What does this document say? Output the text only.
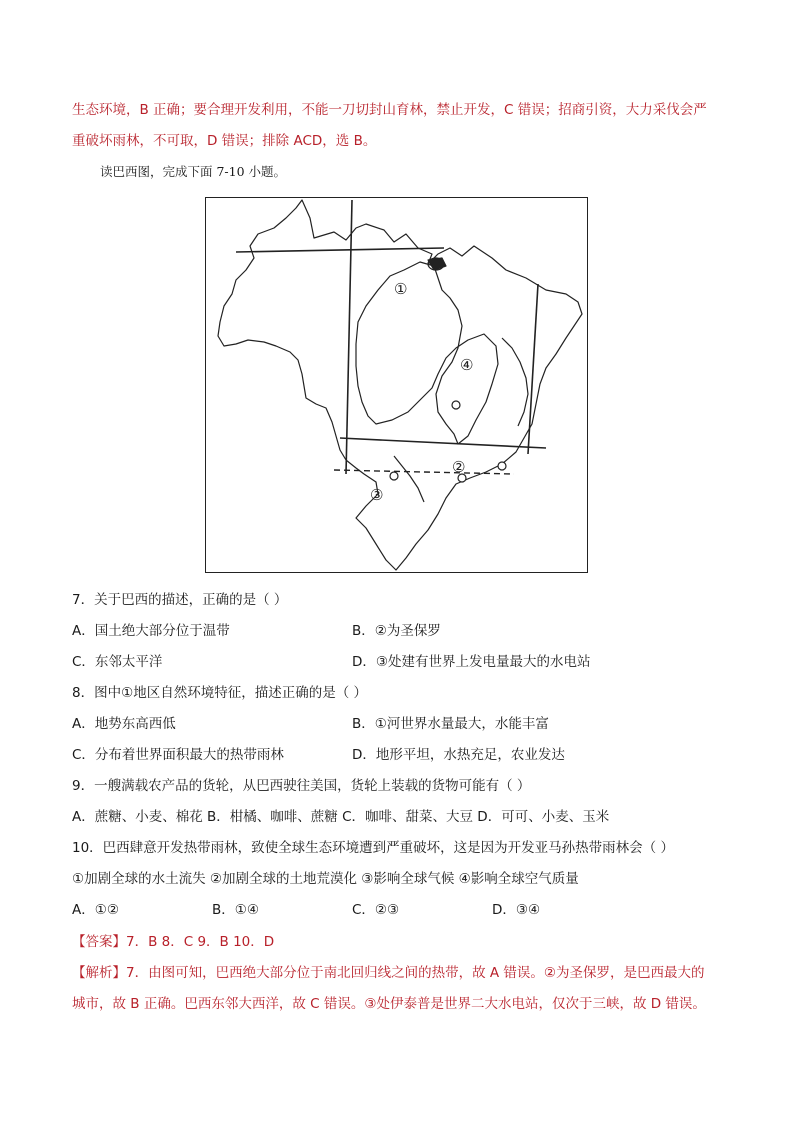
生态环境，B 正确；要合理开发利用，不能一刀切封山育林，禁止开发，C 错误；招商引资，大力采伐会严
重破坏雨林，不可取，D 错误；排除 ACD，选 B。
读巴西图，完成下面 7-10 小题。
①
②
③
④
7．关于巴西的描述，正确的是（ ）
A．国土绝大部分位于温带	B．②为圣保罗
C．东邻太平洋	D．③处建有世界上发电量最大的水电站
8．图中①地区自然环境特征，描述正确的是（ ）
A．地势东高西低	B．①河世界水量最大，水能丰富
C．分布着世界面积最大的热带雨林	D．地形平坦，水热充足，农业发达
9．一艘满载农产品的货轮，从巴西驶往美国，货轮上装载的货物可能有（ ）
A．蔗糖、小麦、棉花 B．柑橘、咖啡、蔗糖 C．咖啡、甜菜、大豆 D．可可、小麦、玉米
10．巴西肆意开发热带雨林，致使全球生态环境遭到严重破坏，这是因为开发亚马孙热带雨林会（ ）
①加剧全球的水土流失 ②加剧全球的土地荒漠化 ③影响全球气候 ④影响全球空气质量
A．①②	B．①④	C．②③	D．③④
【答案】7．B 8．C 9．B 10．D
【解析】7．由图可知，巴西绝大部分位于南北回归线之间的热带，故 A 错误。②为圣保罗，是巴西最大的
城市，故 B 正确。巴西东邻大西洋，故 C 错误。③处伊泰普是世界二大水电站，仅次于三峡，故 D 错误。
